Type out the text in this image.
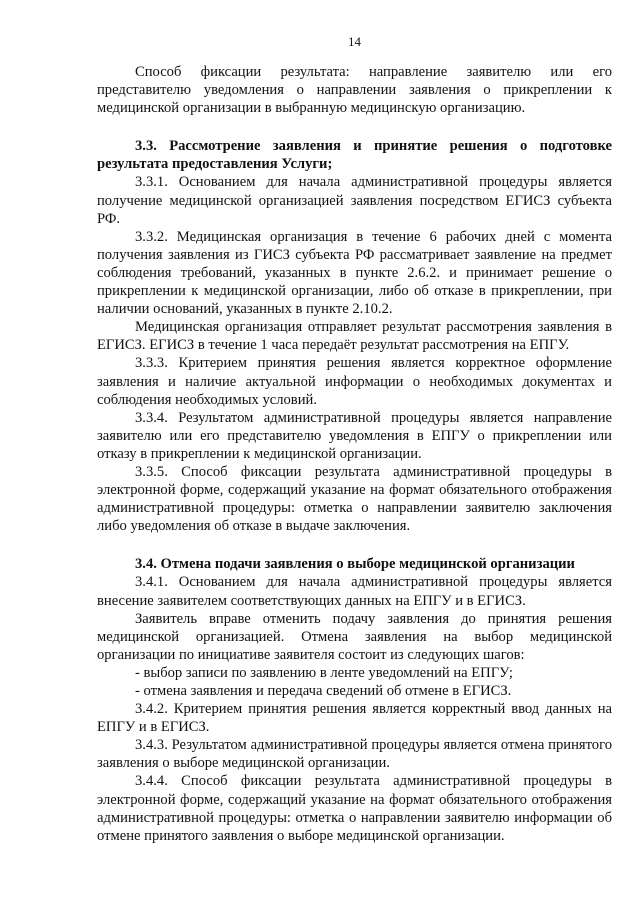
14

Способ фиксации результата: направление заявителю или его представителю уведомления о направлении заявления о прикреплении к медицинской организации в выбранную медицинскую организацию.

3.3. Рассмотрение заявления и принятие решения о подготовке результата предоставления Услуги;

3.3.1. Основанием для начала административной процедуры является получение медицинской организацией заявления посредством ЕГИСЗ субъекта РФ.

3.3.2. Медицинская организация в течение 6 рабочих дней с момента получения заявления из ГИСЗ субъекта РФ рассматривает заявление на предмет соблюдения требований, указанных в пункте 2.6.2. и принимает решение о прикреплении к медицинской организации, либо об отказе в прикреплении, при наличии оснований, указанных в пункте 2.10.2.

Медицинская организация отправляет результат рассмотрения заявления в ЕГИСЗ. ЕГИСЗ в течение 1 часа передаёт результат рассмотрения на ЕПГУ.

3.3.3. Критерием принятия решения является корректное оформление заявления и наличие актуальной информации о необходимых документах и соблюдения необходимых условий.

3.3.4. Результатом административной процедуры является направление заявителю или его представителю уведомления в ЕПГУ о прикреплении или отказу в прикреплении к медицинской организации.

3.3.5. Способ фиксации результата административной процедуры в электронной форме, содержащий указание на формат обязательного отображения административной процедуры: отметка о направлении заявителю заключения либо уведомления об отказе в выдаче заключения.

3.4. Отмена подачи заявления о выборе медицинской организации

3.4.1. Основанием для начала административной процедуры является внесение заявителем соответствующих данных на ЕПГУ и в ЕГИСЗ.

Заявитель вправе отменить подачу заявления до принятия решения медицинской организацией. Отмена заявления на выбор медицинской организации по инициативе заявителя состоит из следующих шагов:

- выбор записи по заявлению в ленте уведомлений на ЕПГУ;

- отмена заявления и передача сведений об отмене в ЕГИСЗ.

3.4.2. Критерием принятия решения является корректный ввод данных на ЕПГУ и в ЕГИСЗ.

3.4.3. Результатом административной процедуры является отмена принятого заявления о выборе медицинской организации.

3.4.4. Способ фиксации результата административной процедуры в электронной форме, содержащий указание на формат обязательного отображения административной процедуры: отметка о направлении заявителю информации об отмене принятого заявления о выборе медицинской организации.
